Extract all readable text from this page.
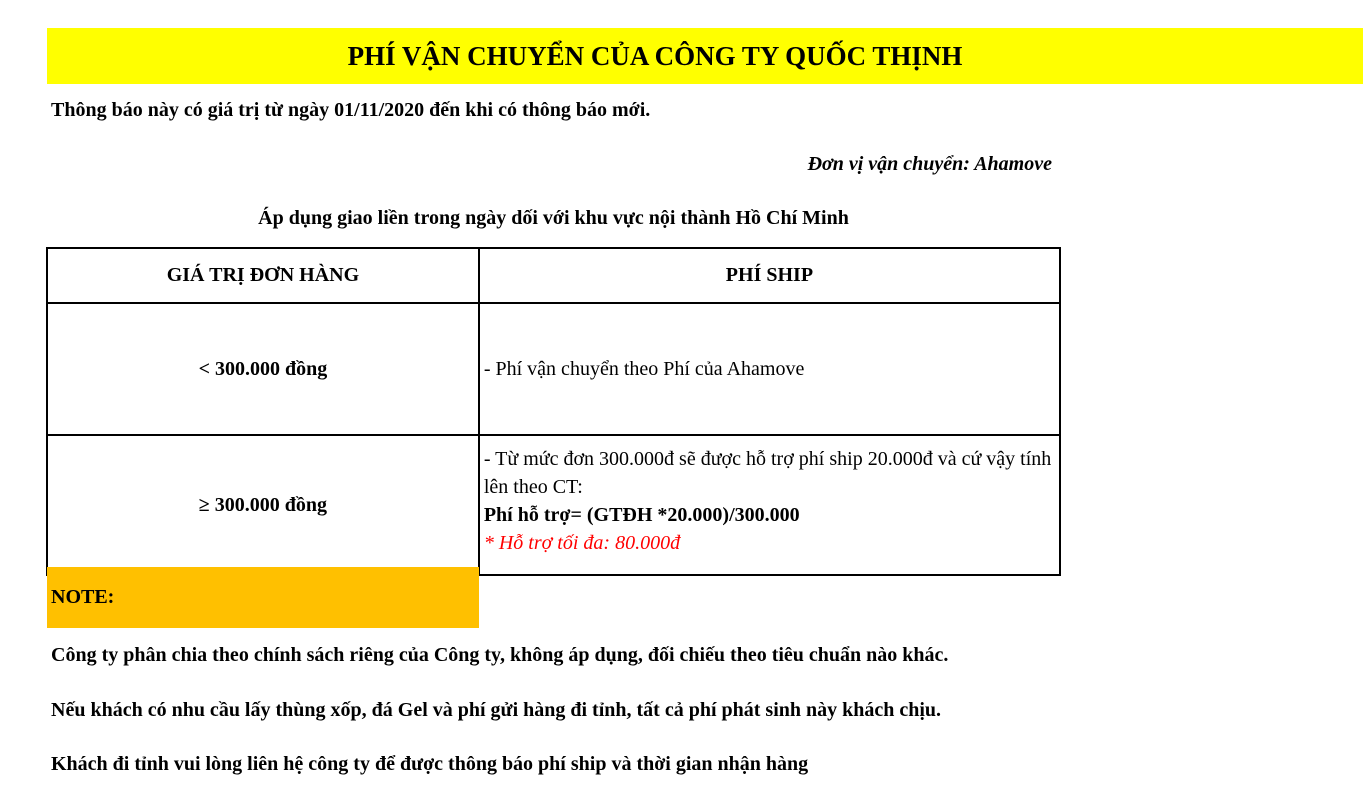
PHÍ VẬN CHUYỂN CỦA CÔNG TY QUỐC THỊNH
Thông báo này có giá trị từ ngày 01/11/2020 đến khi có thông báo mới.
Đơn vị vận chuyển: Ahamove
Áp dụng giao liền trong ngày dối với khu vực nội thành Hồ Chí Minh
GIÁ TRỊ ĐƠN HÀNG	PHÍ SHIP
< 300.000 đồng	- Phí vận chuyển theo Phí của Ahamove
≥ 300.000 đồng	- Từ mức đơn 300.000đ sẽ được hỗ trợ phí ship 20.000đ và cứ vậy tính lên theo CT:
Phí hỗ trợ= (GTĐH *20.000)/300.000
* Hỗ trợ tối đa: 80.000đ
NOTE:
Công ty phân chia theo chính sách riêng của Công ty, không áp dụng, đối chiếu theo tiêu chuẩn nào khác.
Nếu khách có nhu cầu lấy thùng xốp, đá Gel và phí gửi hàng đi tỉnh, tất cả phí phát sinh này khách chịu.
Khách đi tỉnh vui lòng liên hệ công ty để được thông báo phí ship và thời gian nhận hàng
